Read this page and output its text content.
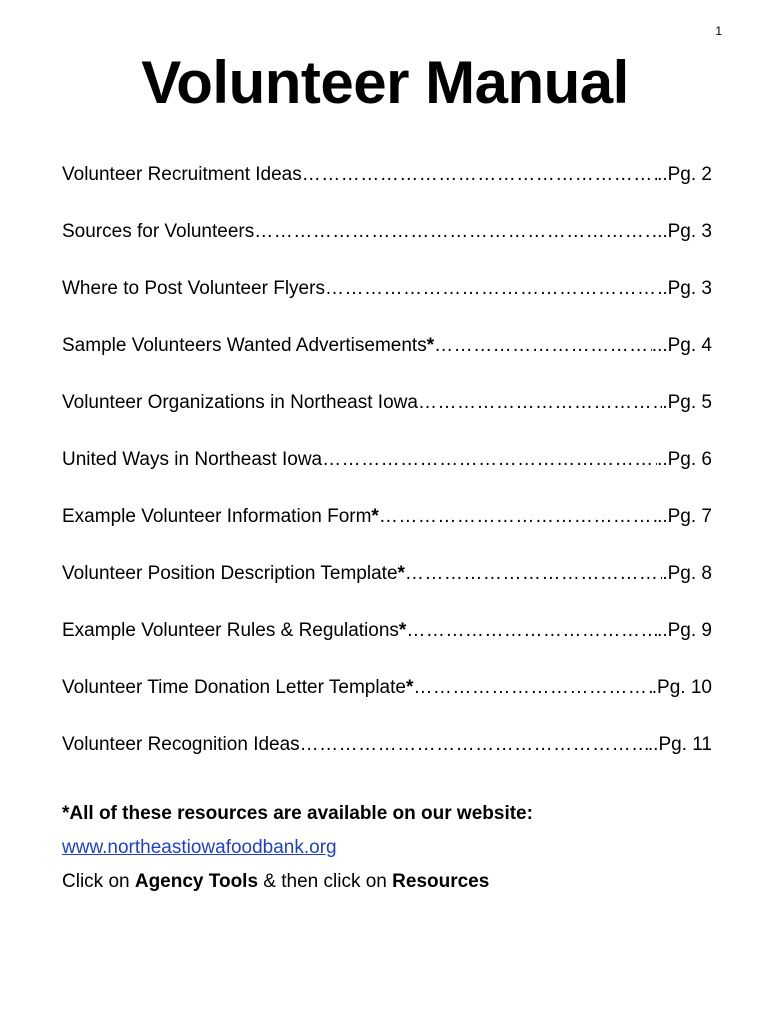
1
Volunteer Manual
Volunteer Recruitment Ideas ………………………………………………………………………………………………………………………………	..Pg. 2
Sources for Volunteers ………………………………………………………………………………………………………………………………	...Pg. 3
Where to Post Volunteer Flyers ………………………………………………………………………………………………………………………………	.Pg. 3
Sample Volunteers Wanted Advertisements* ………………………………………………………………………………………………………………………………	...Pg. 4
Volunteer Organizations in Northeast Iowa ………………………………………………………………………………………………………………………………	.Pg. 5
United Ways in Northeast Iowa ………………………………………………………………………………………………………………………………	..Pg. 6
Example Volunteer Information Form* ………………………………………………………………………………………………………………………………	..Pg. 7
Volunteer Position Description Template* ………………………………………………………………………………………………………………………………	.Pg. 8
Example Volunteer Rules & Regulations* ………………………………………………………………………………………………………………………………	..Pg. 9
Volunteer Time Donation Letter Template* ………………………………………………………………………………………………………………………………	.Pg. 10
Volunteer Recognition Ideas ………………………………………………………………………………………………………………………………	..Pg. 11
*All of these resources are available on our website:
www.northeastiowafoodbank.org
Click on Agency Tools & then click on Resources
